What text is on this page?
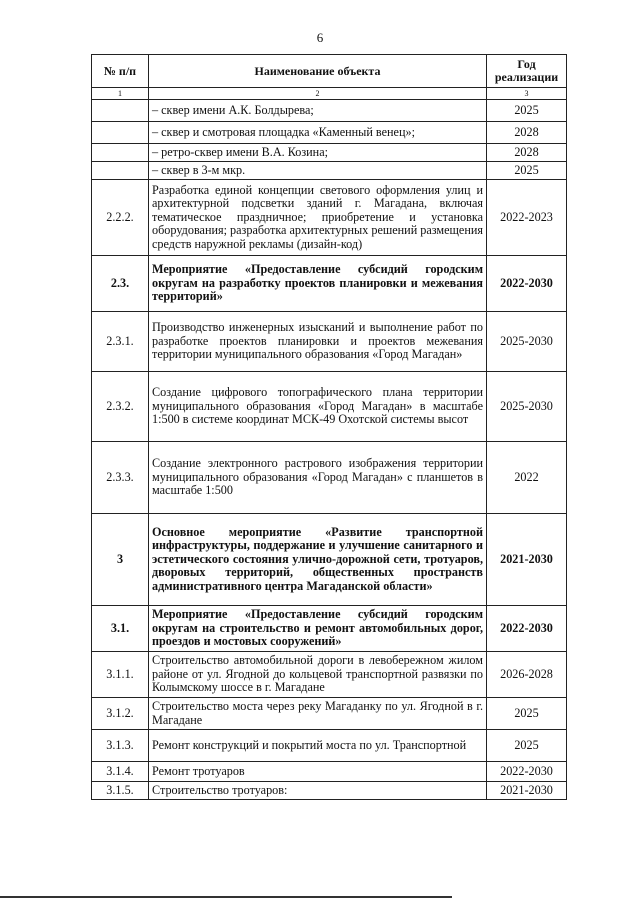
6
№ п/п	Наименование объекта	Год реализации
1	2	3
	– сквер имени А.К. Болдырева;	2025
	– сквер и смотровая площадка «Каменный венец»;	2028
	– ретро-сквер имени В.А. Козина;	2028
	– сквер в 3-м мкр.	2025
2.2.2.	Разработка единой концепции светового оформления улиц и архитектурной подсветки зданий г. Магадана, включая тематическое праздничное; приобретение и установка оборудования; разработка архитектурных решений размещения средств наружной рекламы (дизайн-код)	2022-2023
2.3.	Мероприятие «Предоставление субсидий городским округам на разработку проектов планировки и межевания территорий»	2022-2030
2.3.1.	Производство инженерных изысканий и выполнение работ по разработке проектов планировки и проектов межевания территории муниципального образования «Город Магадан»	2025-2030
2.3.2.	Создание цифрового топографического плана территории муниципального образования «Город Магадан» в масштабе 1:500 в системе координат МСК-49 Охотской системы высот	2025-2030
2.3.3.	Создание электронного растрового изображения территории муниципального образования «Город Магадан» с планшетов в масштабе 1:500	2022
3	Основное мероприятие «Развитие транспортной инфраструктуры, поддержание и улучшение санитарного и эстетического состояния улично-дорожной сети, тротуаров, дворовых территорий, общественных пространств административного центра Магаданской области»	2021-2030
3.1.	Мероприятие «Предоставление субсидий городским округам на строительство и ремонт автомобильных дорог, проездов и мостовых сооружений»	2022-2030
3.1.1.	Строительство автомобильной дороги в левобережном жилом районе от ул. Ягодной до кольцевой транспортной развязки по Колымскому шоссе в г. Магадане	2026-2028
3.1.2.	Строительство моста через реку Магаданку по ул. Ягодной в г. Магадане	2025
3.1.3.	Ремонт конструкций и покрытий моста по ул. Транспортной	2025
3.1.4.	Ремонт тротуаров	2022-2030
3.1.5.	Строительство тротуаров:	2021-2030
